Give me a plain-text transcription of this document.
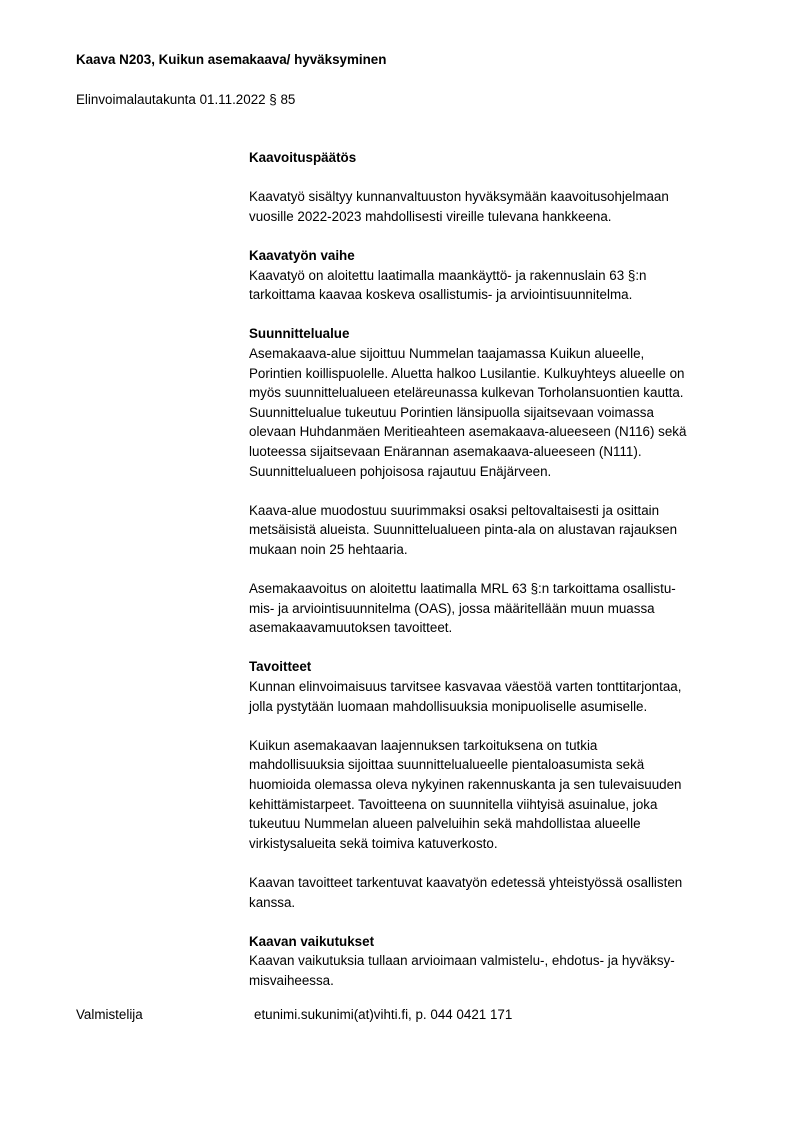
Kaava N203, Kuikun asemakaava/ hyväksyminen
Elinvoimalautakunta 01.11.2022 § 85
Kaavoituspäätös

Kaavatyö sisältyy kunnanvaltuuston hyväksymään kaavoitusohjelmaan
vuosille 2022-2023 mahdollisesti vireille tulevana hankkeena.

Kaavatyön vaihe

Kaavatyö on aloitettu laatimalla maankäyttö- ja rakennuslain 63 §:n
tarkoittama kaavaa koskeva osallistumis- ja arviointisuunnitelma.

Suunnittelualue

Asemakaava-alue sijoittuu Nummelan taajamassa Kuikun alueelle,
Porintien koillispuolelle. Aluetta halkoo Lusilantie. Kulkuyhteys alueelle on
myös suunnittelualueen eteläreunassa kulkevan Torholansuontien kautta.
Suunnittelualue tukeutuu Porintien länsipuolla sijaitsevaan voimassa
olevaan Huhdanmäen Meritieahteen asemakaava-alueeseen (N116) sekä
luoteessa sijaitsevaan Enärannan asemakaava-alueeseen (N111).
Suunnittelualueen pohjoisosa rajautuu Enäjärveen.

Kaava-alue muodostuu suurimmaksi osaksi peltovaltaisesti ja osittain
metsäisistä alueista. Suunnittelualueen pinta-ala on alustavan rajauksen
mukaan noin 25 hehtaaria.

Asemakaavoitus on aloitettu laatimalla MRL 63 §:n tarkoittama osallistu-
mis- ja arviointisuunnitelma (OAS), jossa määritellään muun muassa
asemakaavamuutoksen tavoitteet.

Tavoitteet

Kunnan elinvoimaisuus tarvitsee kasvavaa väestöä varten tonttitarjontaa,
jolla pystytään luomaan mahdollisuuksia monipuoliselle asumiselle.

Kuikun asemakaavan laajennuksen tarkoituksena on tutkia
mahdollisuuksia sijoittaa suunnittelualueelle pientaloasumista sekä
huomioida olemassa oleva nykyinen rakennuskanta ja sen tulevaisuuden
kehittämistarpeet. Tavoitteena on suunnitella viihtyisä asuinalue, joka
tukeutuu Nummelan alueen palveluihin sekä mahdollistaa alueelle
virkistysalueita sekä toimiva katuverkosto.

Kaavan tavoitteet tarkentuvat kaavatyön edetessä yhteistyössä osallisten
kanssa.

Kaavan vaikutukset

Kaavan vaikutuksia tullaan arvioimaan valmistelu-, ehdotus- ja hyväksy-
misvaiheessa.

Valmistelija	etunimi.sukunimi(at)vihti.fi, p. 044 0421 171
